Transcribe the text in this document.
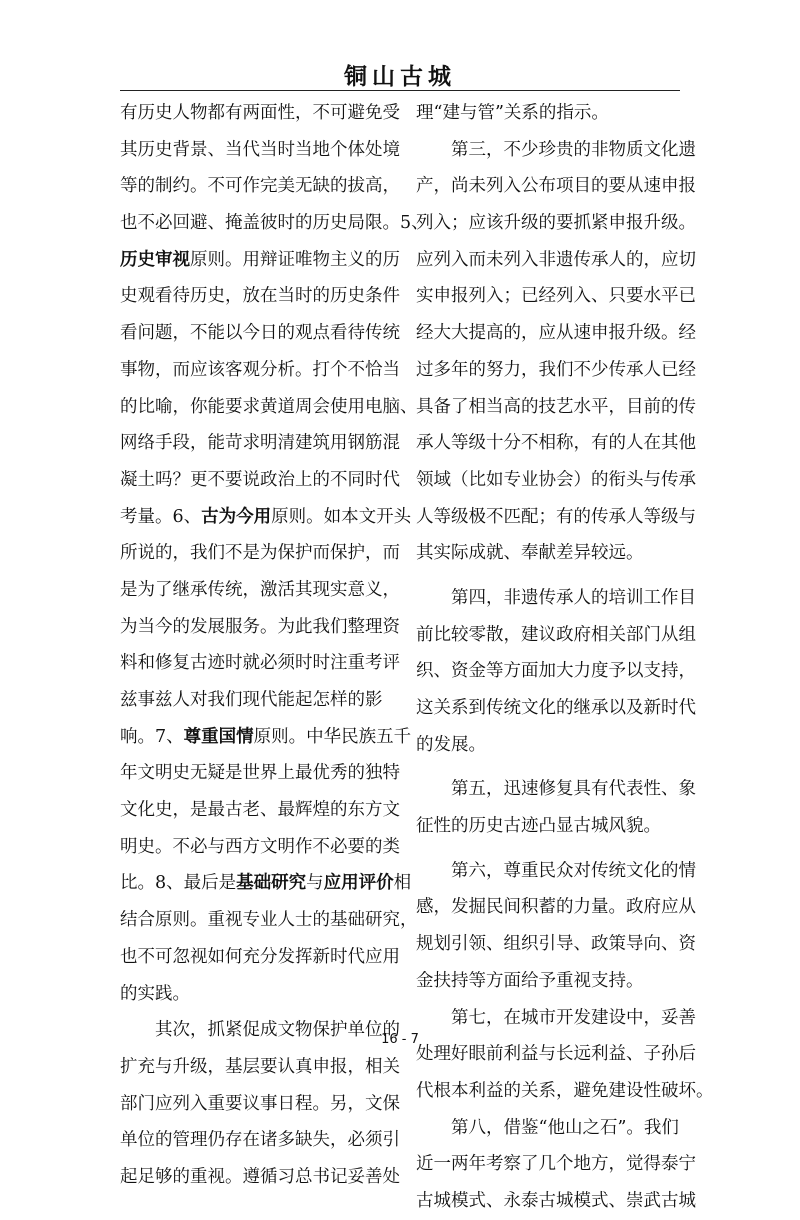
铜山古城
有历史人物都有两面性，不可避免受
其历史背景、当代当时当地个体处境
等的制约。不可作完美无缺的拔高，
也不必回避、掩盖彼时的历史局限。5、
历史审视原则。用辩证唯物主义的历
史观看待历史，放在当时的历史条件
看问题，不能以今日的观点看待传统
事物，而应该客观分析。打个不恰当
的比喻，你能要求黄道周会使用电脑、
网络手段，能苛求明清建筑用钢筋混
凝土吗？更不要说政治上的不同时代
考量。6、古为今用原则。如本文开头
所说的，我们不是为保护而保护，而
是为了继承传统，激活其现实意义，
为当今的发展服务。为此我们整理资
料和修复古迹时就必须时时注重考评
兹事兹人对我们现代能起怎样的影
响。7、尊重国情原则。中华民族五千
年文明史无疑是世界上最优秀的独特
文化史，是最古老、最辉煌的东方文
明史。不必与西方文明作不必要的类
比。8、最后是基础研究与应用评价相
结合原则。重视专业人士的基础研究，
也不可忽视如何充分发挥新时代应用
的实践。
其次，抓紧促成文物保护单位的
扩充与升级，基层要认真申报，相关
部门应列入重要议事日程。另，文保
单位的管理仍存在诸多缺失，必须引
起足够的重视。遵循习总书记妥善处
理“建与管”关系的指示。
第三，不少珍贵的非物质文化遗
产，尚未列入公布项目的要从速申报
列入；应该升级的要抓紧申报升级。
应列入而未列入非遗传承人的，应切
实申报列入；已经列入、只要水平已
经大大提高的，应从速申报升级。经
过多年的努力，我们不少传承人已经
具备了相当高的技艺水平，目前的传
承人等级十分不相称，有的人在其他
领域（比如专业协会）的衔头与传承
人等级极不匹配；有的传承人等级与
其实际成就、奉献差异较远。
第四，非遗传承人的培训工作目
前比较零散，建议政府相关部门从组
织、资金等方面加大力度予以支持，
这关系到传统文化的继承以及新时代
的发展。
第五，迅速修复具有代表性、象
征性的历史古迹凸显古城风貌。
第六，尊重民众对传统文化的情
感，发掘民间积蓄的力量。政府应从
规划引领、组织引导、政策导向、资
金扶持等方面给予重视支持。
第七，在城市开发建设中，妥善
处理好眼前利益与长远利益、子孙后
代根本利益的关系，避免建设性破坏。
第八，借鉴“他山之石”。我们
近一两年考察了几个地方，觉得泰宁
古城模式、永泰古城模式、崇武古城
16 - 7
